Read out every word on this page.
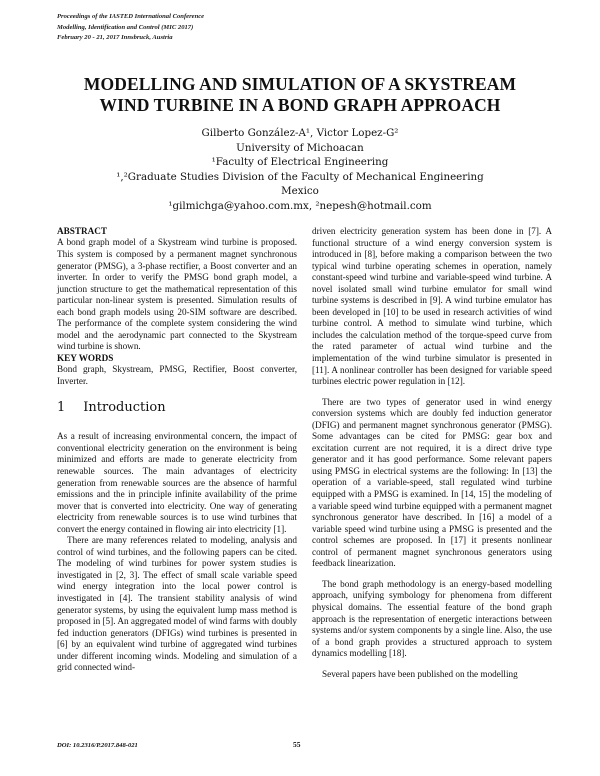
Proceedings of the IASTED International Conference
Modelling, Identification and Control (MIC 2017)
February 20 - 21, 2017 Innsbruck, Austria
MODELLING AND SIMULATION OF A SKYSTREAM
WIND TURBINE IN A BOND GRAPH APPROACH
Gilberto González-A¹, Victor Lopez-G²
University of Michoacan
¹Faculty of Electrical Engineering
¹,²Graduate Studies Division of the Faculty of Mechanical Engineering
Mexico
¹gilmichga@yahoo.com.mx, ²nepesh@hotmail.com
ABSTRACT

A bond graph model of a Skystream wind turbine is proposed. This system is composed by a permanent magnet synchronous generator (PMSG), a 3-phase rectifier, a Boost converter and an inverter. In order to verify the PMSG bond graph model, a junction structure to get the mathematical representation of this particular non-linear system is presented. Simulation results of each bond graph models using 20-SIM software are described. The performance of the complete system considering the wind model and the aerodynamic part connected to the Skystream wind turbine is shown.

KEY WORDS

Bond graph, Skystream, PMSG, Rectifier, Boost converter, Inverter.

1 Introduction

As a result of increasing environmental concern, the impact of conventional electricity generation on the environment is being minimized and efforts are made to generate electricity from renewable sources. The main advantages of electricity generation from renewable sources are the absence of harmful emissions and the in principle infinite availability of the prime mover that is converted into electricity. One way of generating electricity from renewable sources is to use wind turbines that convert the energy contained in flowing air into electricity [1].

There are many references related to modeling, analysis and control of wind turbines, and the following papers can be cited. The modeling of wind turbines for power system studies is investigated in [2, 3]. The effect of small scale variable speed wind energy integration into the local power control is investigated in [4]. The transient stability analysis of wind generator systems, by using the equivalent lump mass method is proposed in [5]. An aggregated model of wind farms with doubly fed induction generators (DFIGs) wind turbines is presented in [6] by an equivalent wind turbine of aggregated wind turbines under different incoming winds. Modeling and simulation of a grid connected wind-

driven electricity generation system has been done in [7]. A functional structure of a wind energy conversion system is introduced in [8], before making a comparison between the two typical wind turbine operating schemes in operation, namely constant-speed wind turbine and variable-speed wind turbine. A novel isolated small wind turbine emulator for small wind turbine systems is described in [9]. A wind turbine emulator has been developed in [10] to be used in research activities of wind turbine control. A method to simulate wind turbine, which includes the calculation method of the torque-speed curve from the rated parameter of actual wind turbine and the implementation of the wind turbine simulator is presented in [11]. A nonlinear controller has been designed for variable speed turbines electric power regulation in [12].

There are two types of generator used in wind energy conversion systems which are doubly fed induction generator (DFIG) and permanent magnet synchronous generator (PMSG). Some advantages can be cited for PMSG: gear box and excitation current are not required, it is a direct drive type generator and it has good performance. Some relevant papers using PMSG in electrical systems are the following: In [13] the operation of a variable-speed, stall regulated wind turbine equipped with a PMSG is examined. In [14, 15] the modeling of a variable speed wind turbine equipped with a permanent magnet synchronous generator have described. In [16] a model of a variable speed wind turbine using a PMSG is presented and the control schemes are proposed. In [17] it presents nonlinear control of permanent magnet synchronous generators using feedback linearization.

The bond graph methodology is an energy-based modelling approach, unifying symbology for phenomena from different physical domains. The essential feature of the bond graph approach is the representation of energetic interactions between systems and/or system components by a single line. Also, the use of a bond graph provides a structured approach to system dynamics modelling [18].

Several papers have been published on the modelling

DOI: 10.2316/P.2017.848-021	55
